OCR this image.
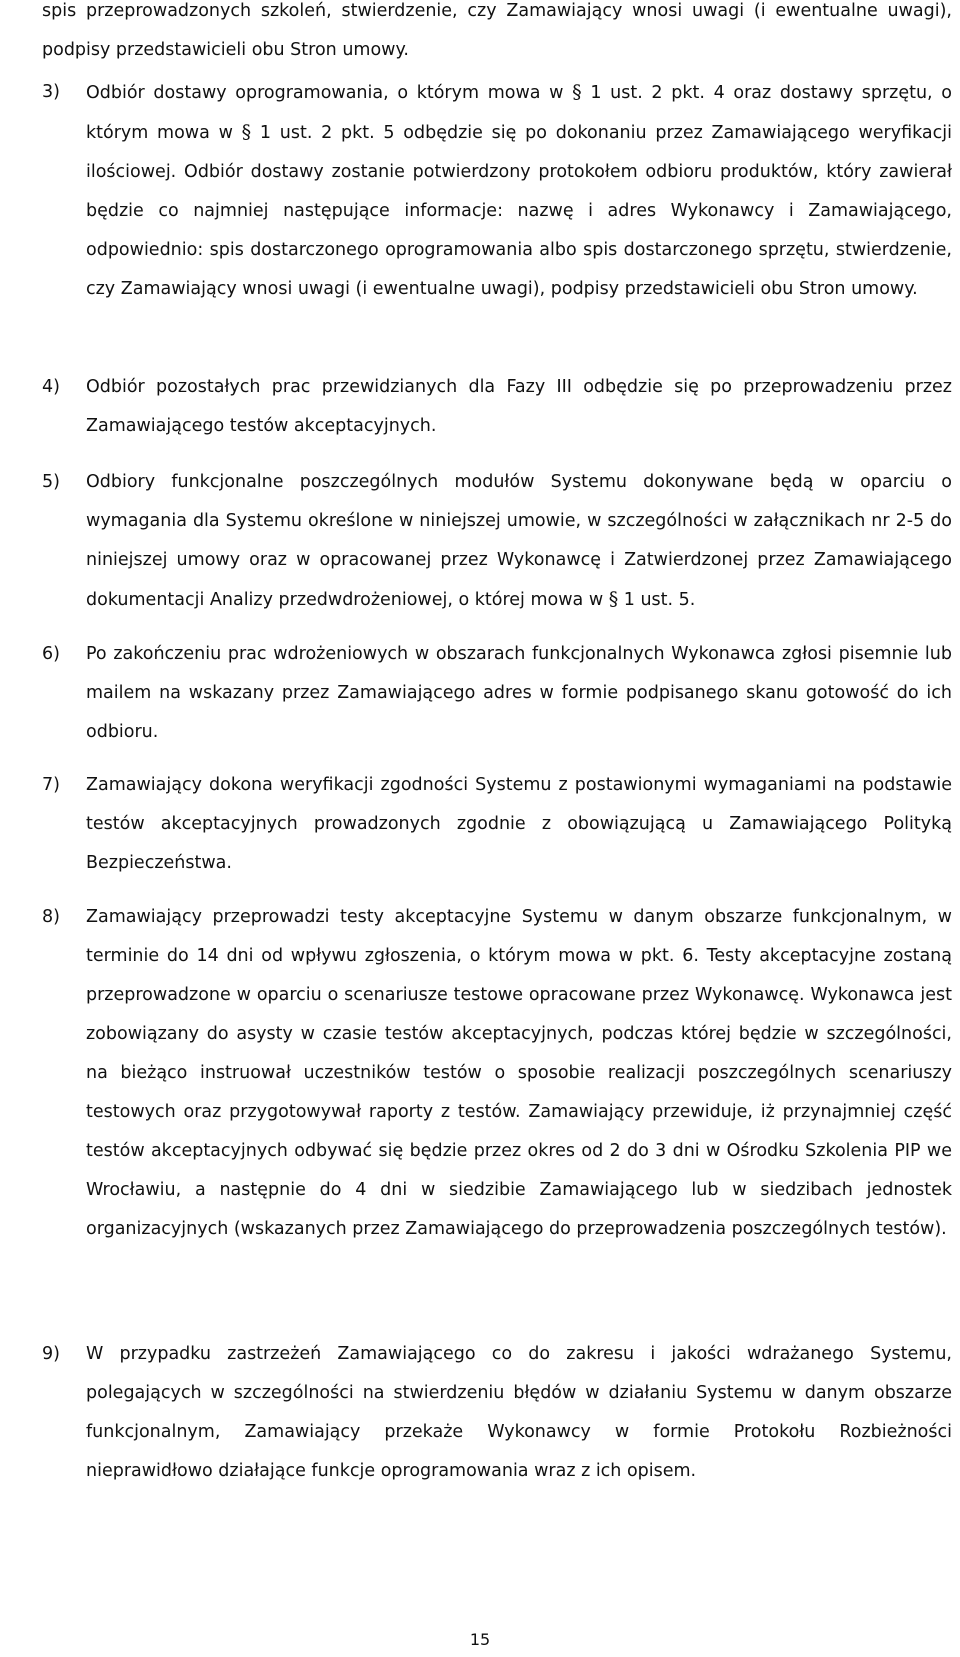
spis przeprowadzonych szkoleń, stwierdzenie, czy Zamawiający wnosi uwagi (i ewentualne uwagi), podpisy przedstawicieli obu Stron umowy.
3) Odbiór dostawy oprogramowania, o którym mowa w § 1 ust. 2 pkt. 4 oraz dostawy sprzętu, o którym mowa w § 1 ust. 2 pkt. 5 odbędzie się po dokonaniu przez Zamawiającego weryfikacji ilościowej. Odbiór dostawy zostanie potwierdzony protokołem odbioru produktów, który zawierał będzie co najmniej następujące informacje: nazwę i adres Wykonawcy i Zamawiającego, odpowiednio: spis dostarczonego oprogramowania albo spis dostarczonego sprzętu, stwierdzenie, czy Zamawiający wnosi uwagi (i ewentualne uwagi), podpisy przedstawicieli obu Stron umowy.
4) Odbiór pozostałych prac przewidzianych dla Fazy III odbędzie się po przeprowadzeniu przez Zamawiającego testów akceptacyjnych.
5) Odbiory funkcjonalne poszczególnych modułów Systemu dokonywane będą w oparciu o wymagania dla Systemu określone w niniejszej umowie, w szczególności w załącznikach nr 2-5 do niniejszej umowy oraz w opracowanej przez Wykonawcę i Zatwierdzonej przez Zamawiającego dokumentacji Analizy przedwdrożeniowej, o której mowa w § 1 ust. 5.
6) Po zakończeniu prac wdrożeniowych w obszarach funkcjonalnych Wykonawca zgłosi pisemnie lub mailem na wskazany przez Zamawiającego adres w formie podpisanego skanu gotowość do ich odbioru.
7) Zamawiający dokona weryfikacji zgodności Systemu z postawionymi wymaganiami na podstawie testów akceptacyjnych prowadzonych zgodnie z obowiązującą u Zamawiającego Polityką Bezpieczeństwa.
8) Zamawiający przeprowadzi testy akceptacyjne Systemu w danym obszarze funkcjonalnym, w terminie do 14 dni od wpływu zgłoszenia, o którym mowa w pkt. 6. Testy akceptacyjne zostaną przeprowadzone w oparciu o scenariusze testowe opracowane przez Wykonawcę. Wykonawca jest zobowiązany do asysty w czasie testów akceptacyjnych, podczas której będzie w szczególności, na bieżąco instruował uczestników testów o sposobie realizacji poszczególnych scenariuszy testowych oraz przygotowywał raporty z testów. Zamawiający przewiduje, iż przynajmniej część testów akceptacyjnych odbywać się będzie przez okres od 2 do 3 dni w Ośrodku Szkolenia PIP we Wrocławiu, a następnie do 4 dni w siedzibie Zamawiającego lub w siedzibach jednostek organizacyjnych (wskazanych przez Zamawiającego do przeprowadzenia poszczególnych testów).
9) W przypadku zastrzeżeń Zamawiającego co do zakresu i jakości wdrażanego Systemu, polegających w szczególności na stwierdzeniu błędów w działaniu Systemu w danym obszarze funkcjonalnym, Zamawiający przekaże Wykonawcy w formie Protokołu Rozbieżności nieprawidłowo działające funkcje oprogramowania wraz z ich opisem.
15
